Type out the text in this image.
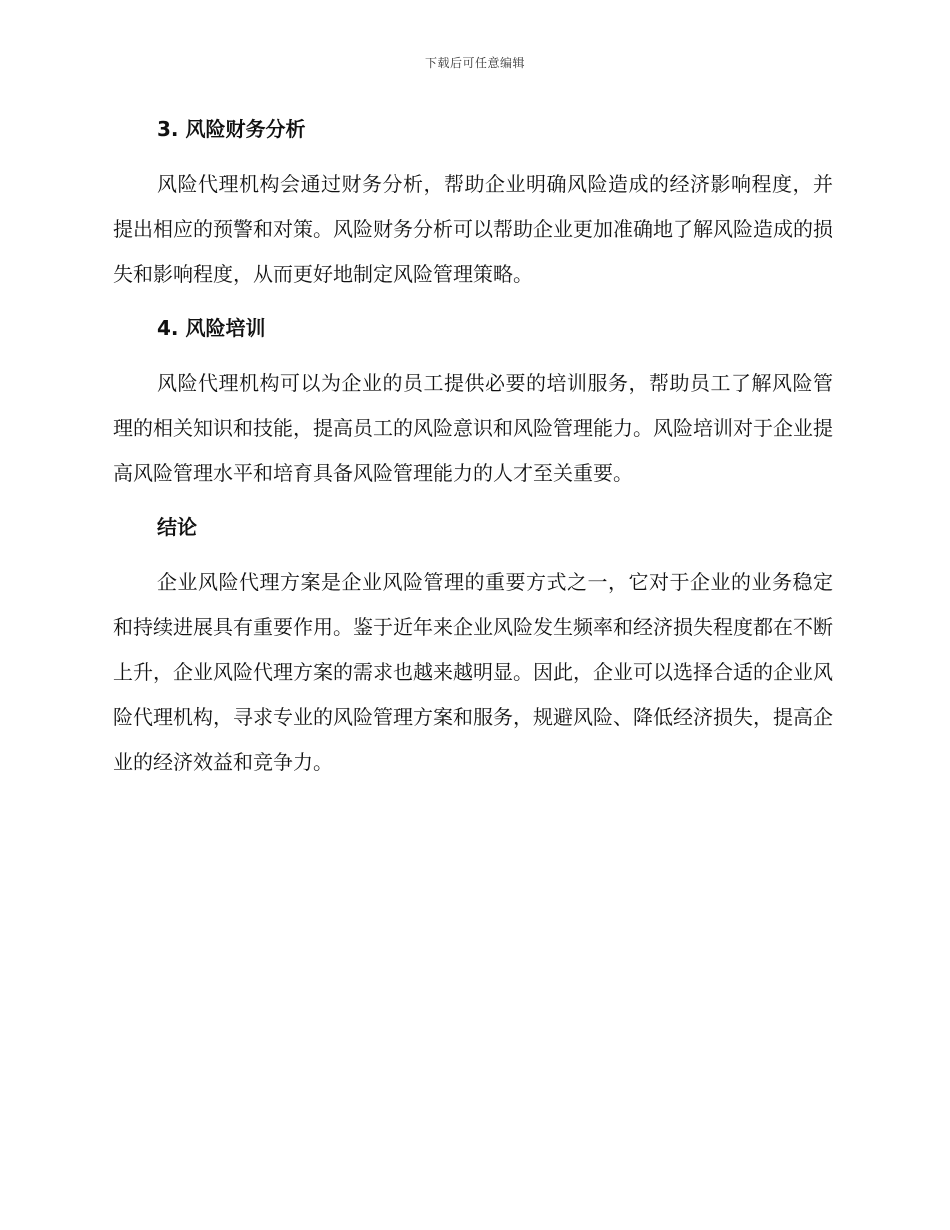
下载后可任意编辑
3. 风险财务分析

风险代理机构会通过财务分析，帮助企业明确风险造成的经济影响程度，并提出相应的预警和对策。风险财务分析可以帮助企业更加准确地了解风险造成的损失和影响程度，从而更好地制定风险管理策略。

4. 风险培训

风险代理机构可以为企业的员工提供必要的培训服务，帮助员工了解风险管理的相关知识和技能，提高员工的风险意识和风险管理能力。风险培训对于企业提高风险管理水平和培育具备风险管理能力的人才至关重要。

结论

企业风险代理方案是企业风险管理的重要方式之一，它对于企业的业务稳定和持续进展具有重要作用。鉴于近年来企业风险发生频率和经济损失程度都在不断上升，企业风险代理方案的需求也越来越明显。因此，企业可以选择合适的企业风险代理机构，寻求专业的风险管理方案和服务，规避风险、降低经济损失，提高企业的经济效益和竞争力。
